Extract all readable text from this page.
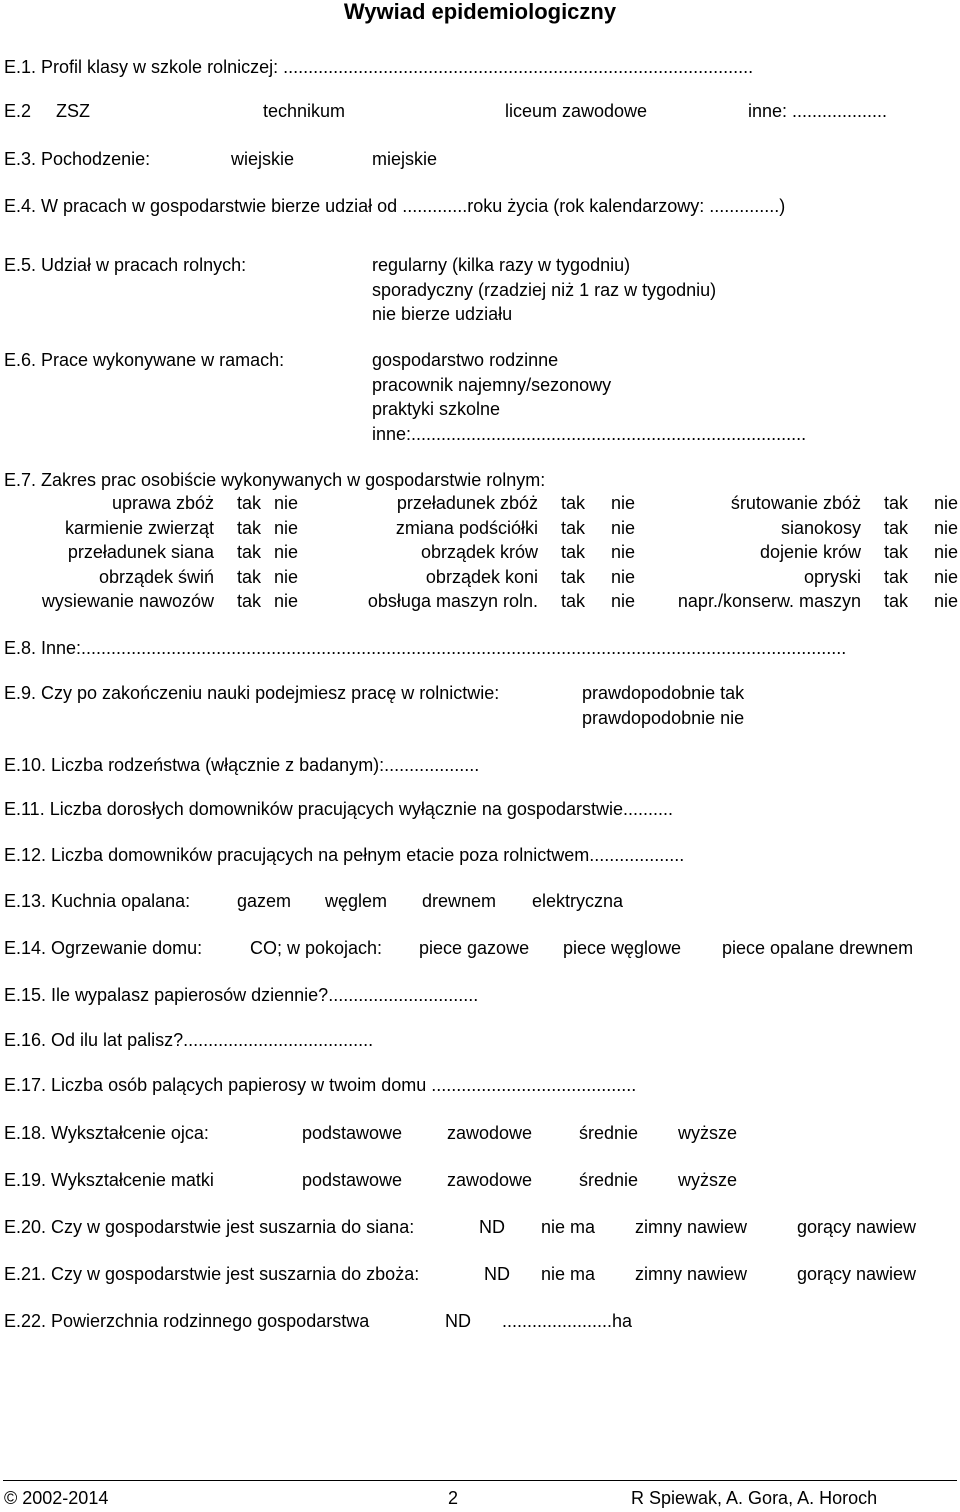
Wywiad epidemiologiczny
E.1. Profil klasy w szkole rolniczej: ..............................................................................................
E.2 ZSZ	technikum	liceum zawodowe	inne: ...................
E.3. Pochodzenie:	wiejskie	miejskie
E.4. W pracach w gospodarstwie bierze udział od .............roku życia (rok kalendarzowy: ..............)
E.5. Udział w pracach rolnych:	regularny (kilka razy w tygodniu)
sporadyczny (rzadziej niż 1 raz w tygodniu)
nie bierze udziału
E.6. Prace wykonywane w ramach:	gospodarstwo rodzinne
pracownik najemny/sezonowy
praktyki szkolne
inne:...............................................................................
E.7. Zakres prac osobiście wykonywanych w gospodarstwie rolnym:
uprawa zbóż tak nie	przeładunek zbóż tak nie	śrutowanie zbóż tak nie
karmienie zwierząt tak nie	zmiana podściółki tak nie	sianokosy tak nie
przeładunek siana tak nie	obrządek krów tak nie	dojenie krów tak nie
obrządek świń tak nie	obrządek koni tak nie	opryski tak nie
wysiewanie nawozów tak nie	obsługa maszyn roln. tak nie napr./konserw. maszyn tak nie
E.8. Inne:.........................................................................................................................................................
E.9. Czy po zakończeniu nauki podejmiesz pracę w rolnictwie:	prawdopodobnie tak
prawdopodobnie nie
E.10. Liczba rodzeństwa (włącznie z badanym):...................
E.11. Liczba dorosłych domowników pracujących wyłącznie na gospodarstwie..........
E.12. Liczba domowników pracujących na pełnym etacie poza rolnictwem...................
E.13. Kuchnia opalana:	gazem węglem drewnem elektryczna
E.14. Ogrzewanie domu:	CO; w pokojach: piece gazowe piece węglowe piece opalane drewnem
E.15. Ile wypalasz papierosów dziennie?..............................
E.16. Od ilu lat palisz?......................................
E.17. Liczba osób palących papierosy w twoim domu .........................................
E.18. Wykształcenie ojca:	podstawowe zawodowe	średnie wyższe
E.19. Wykształcenie matki	podstawowe zawodowe	średnie wyższe
E.20. Czy w gospodarstwie jest suszarnia do siana:	ND nie ma zimny nawiew	gorący nawiew
E.21. Czy w gospodarstwie jest suszarnia do zboża:	ND nie ma zimny nawiew	gorący nawiew
E.22. Powierzchnia rodzinnego gospodarstwa	ND ......................ha
© 2002-2014	2	R Spiewak, A. Gora, A. Horoch
